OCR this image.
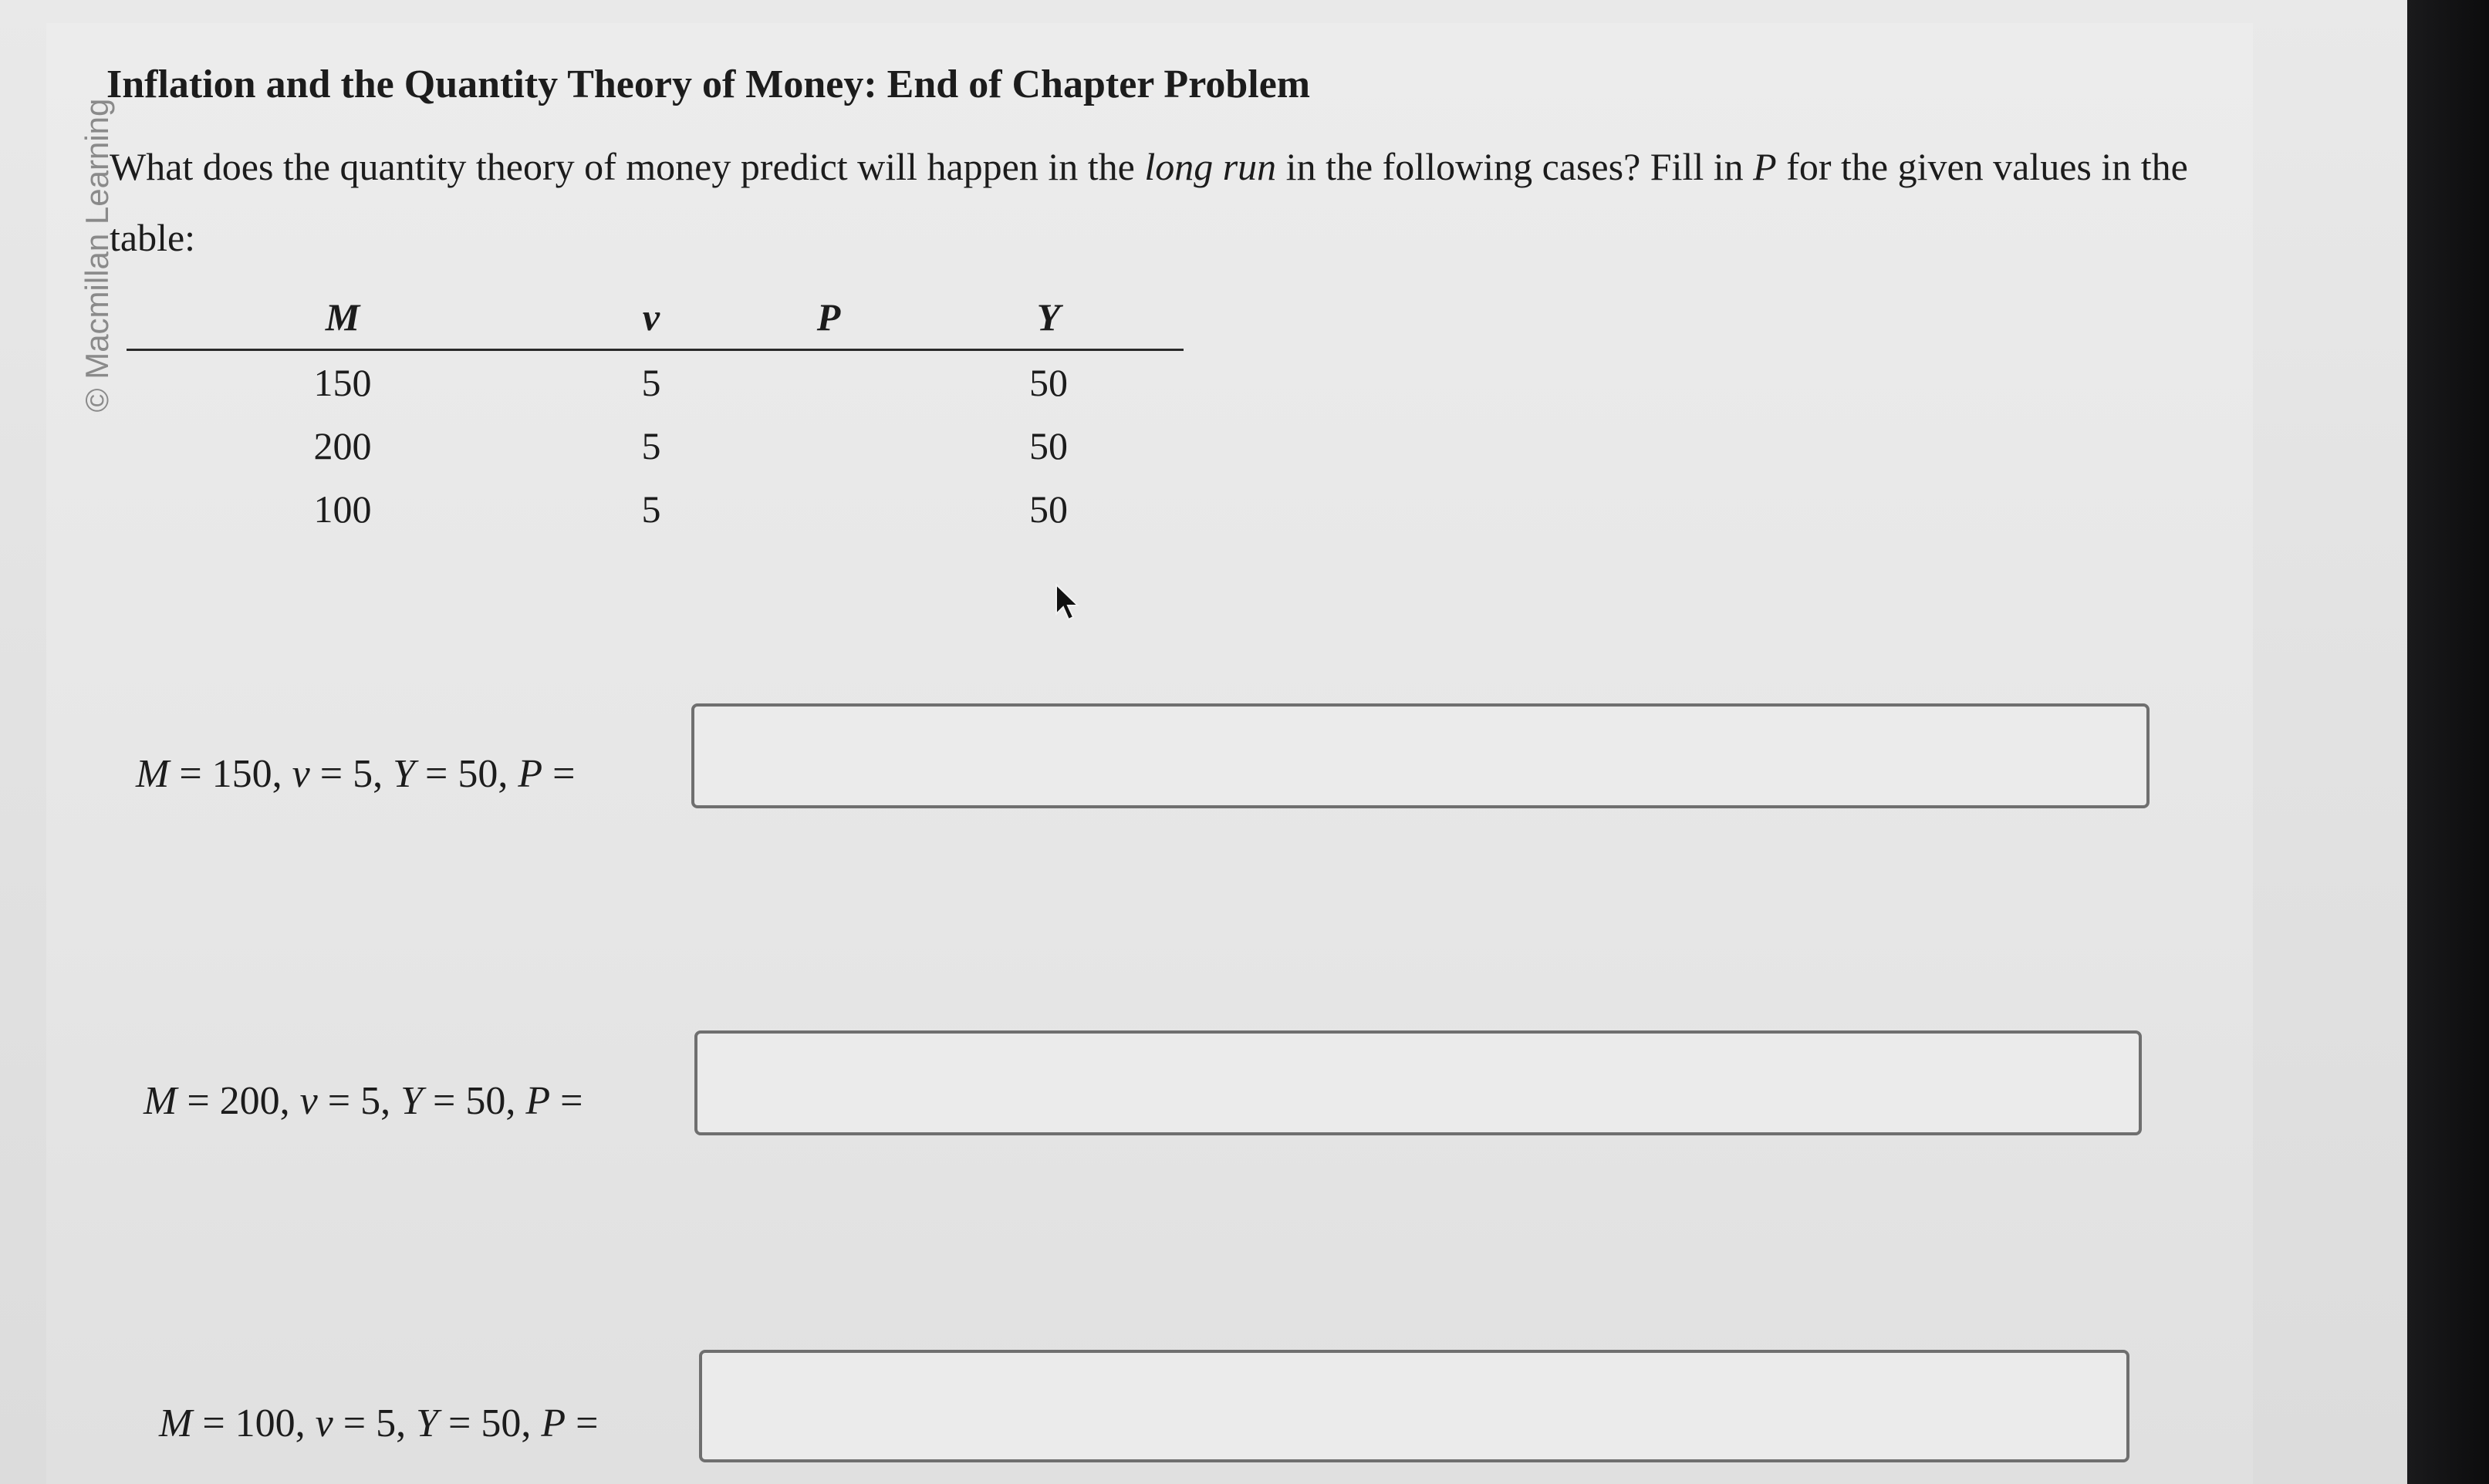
© Macmillan Learning
Inflation and the Quantity Theory of Money: End of Chapter Problem
What does the quantity theory of money predict will happen in the long run in the following cases? Fill in P for the given values in the table:
M	v	P	Y
150	5		50
200	5		50
100	5		50
M = 150, v = 5, Y = 50, P =
M = 200, v = 5, Y = 50, P =
M = 100, v = 5, Y = 50, P =
